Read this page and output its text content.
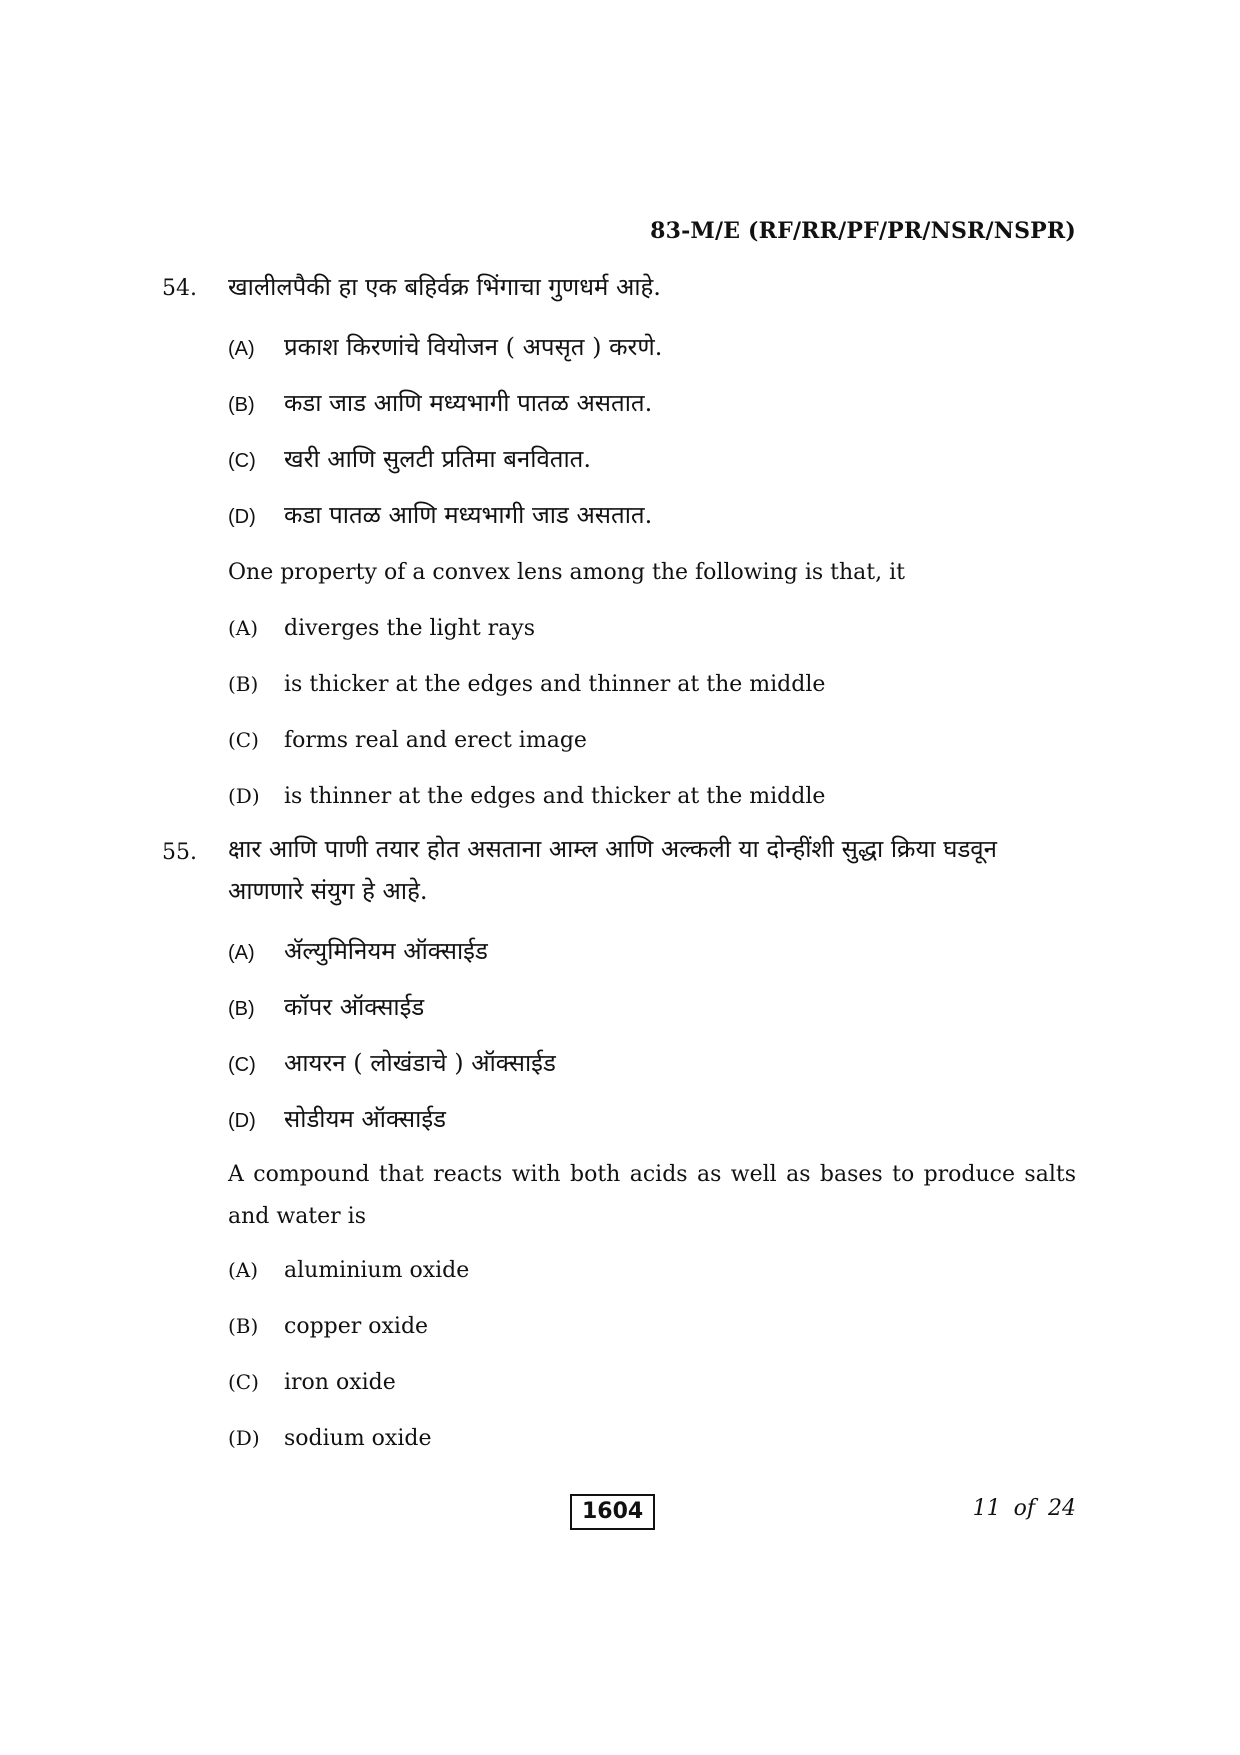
83-M/E (RF/RR/PF/PR/NSR/NSPR)
54. खालीलपैकी हा एक बहिर्वक्र भिंगाचा गुणधर्म आहे.
(A)	प्रकाश किरणांचे वियोजन ( अपसृत ) करणे.
(B)	कडा जाड आणि मध्यभागी पातळ असतात.
(C)	खरी आणि सुलटी प्रतिमा बनवितात.
(D)	कडा पातळ आणि मध्यभागी जाड असतात.
One property of a convex lens among the following is that, it
(A)	diverges the light rays
(B)	is thicker at the edges and thinner at the middle
(C)	forms real and erect image
(D)	is thinner at the edges and thicker at the middle
55. क्षार आणि पाणी तयार होत असताना आम्ल आणि अल्कली या दोन्हींशी सुद्धा क्रिया घडवून आणणारे संयुग हे आहे.
(A)	ॲल्युमिनियम ऑक्साईड
(B)	कॉपर ऑक्साईड
(C)	आयरन ( लोखंडाचे ) ऑक्साईड
(D)	सोडीयम ऑक्साईड
A compound that reacts with both acids as well as bases to produce salts and water is
(A)	aluminium oxide
(B)	copper oxide
(C)	iron oxide
(D)	sodium oxide
1604	11 of 24
